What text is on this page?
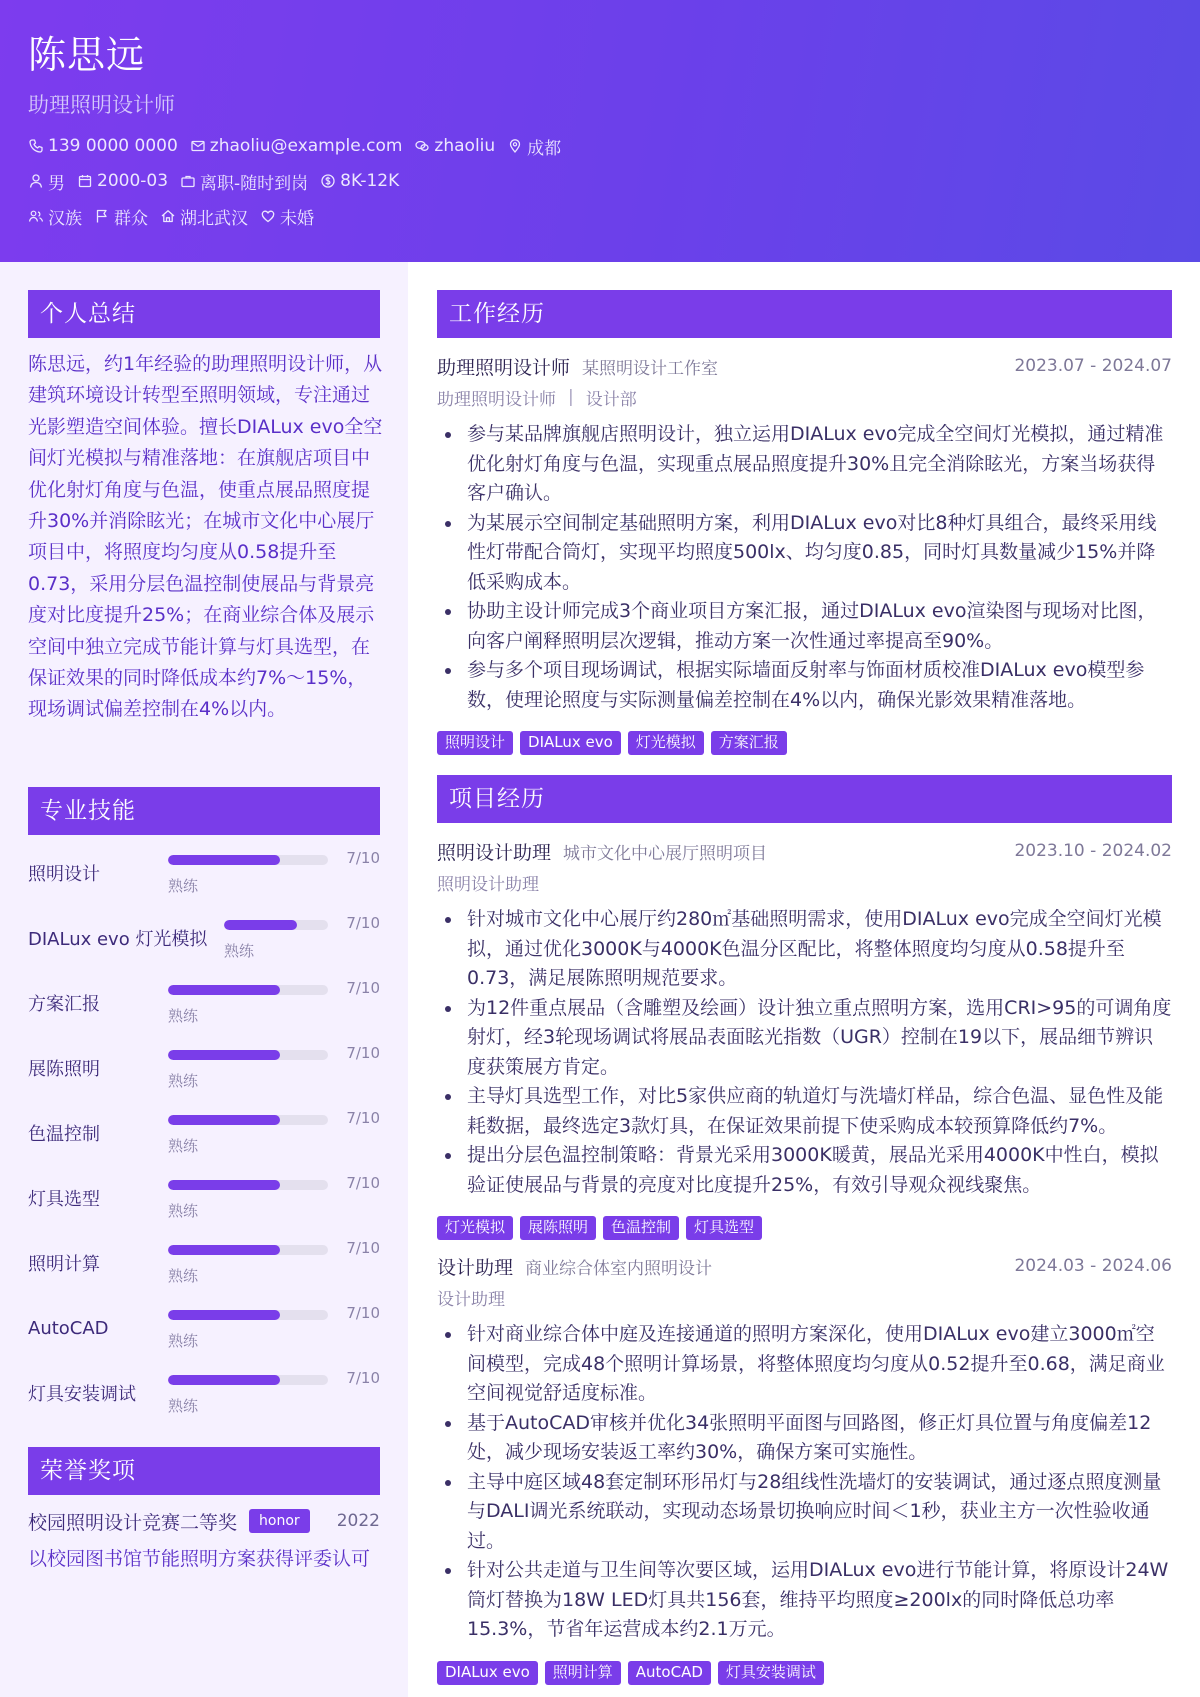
陈思远
助理照明设计师
139 0000 0000 zhaoliu@example.com zhaoliu 成都
男 2000-03 离职-随时到岗 8K-12K
汉族 群众 湖北武汉 未婚
个人总结

陈思远，约1年经验的助理照明设计师，从建筑环境设计转型至照明领域，专注通过光影塑造空间体验。擅长DIALux evo全空间灯光模拟与精准落地：在旗舰店项目中优化射灯角度与色温，使重点展品照度提升30%并消除眩光；在城市文化中心展厅项目中，将照度均匀度从0.58提升至0.73，采用分层色温控制使展品与背景亮度对比度提升25%；在商业综合体及展示空间中独立完成节能计算与灯具选型，在保证效果的同时降低成本约7%～15%，现场调试偏差控制在4%以内。

专业技能
照明设计
熟练
7/10
DIALux evo 灯光模拟
熟练
7/10
方案汇报
熟练
7/10
展陈照明
熟练
7/10
色温控制
熟练
7/10
灯具选型
熟练
7/10
照明计算
熟练
7/10
AutoCAD
熟练
7/10
灯具安装调试
熟练
7/10
荣誉奖项
校园照明设计竞赛二等奖	honor	2022
以校园图书馆节能照明方案获得评委认可
工作经历
助理照明设计师 某照明设计工作室	2023.07 - 2024.07
助理照明设计师 | 设计部
参与某品牌旗舰店照明设计，独立运用DIALux evo完成全空间灯光模拟，通过精准优化射灯角度与色温，实现重点展品照度提升30%且完全消除眩光，方案当场获得客户确认。
为某展示空间制定基础照明方案，利用DIALux evo对比8种灯具组合，最终采用线性灯带配合筒灯，实现平均照度500lx、均匀度0.85，同时灯具数量减少15%并降低采购成本。
协助主设计师完成3个商业项目方案汇报，通过DIALux evo渲染图与现场对比图，向客户阐释照明层次逻辑，推动方案一次性通过率提高至90%。
参与多个项目现场调试，根据实际墙面反射率与饰面材质校准DIALux evo模型参数，使理论照度与实际测量偏差控制在4%以内，确保光影效果精准落地。
照明设计	DIALux evo	灯光模拟	方案汇报
项目经历
照明设计助理 城市文化中心展厅照明项目	2023.10 - 2024.02
照明设计助理
针对城市文化中心展厅约280㎡基础照明需求，使用DIALux evo完成全空间灯光模拟，通过优化3000K与4000K色温分区配比，将整体照度均匀度从0.58提升至0.73，满足展陈照明规范要求。
为12件重点展品（含雕塑及绘画）设计独立重点照明方案，选用CRI>95的可调角度射灯，经3轮现场调试将展品表面眩光指数（UGR）控制在19以下，展品细节辨识度获策展方肯定。
主导灯具选型工作，对比5家供应商的轨道灯与洗墙灯样品，综合色温、显色性及能耗数据，最终选定3款灯具，在保证效果前提下使采购成本较预算降低约7%。
提出分层色温控制策略：背景光采用3000K暖黄，展品光采用4000K中性白，模拟验证使展品与背景的亮度对比度提升25%，有效引导观众视线聚焦。
灯光模拟	展陈照明	色温控制	灯具选型
设计助理 商业综合体室内照明设计	2024.03 - 2024.06
设计助理
针对商业综合体中庭及连接通道的照明方案深化，使用DIALux evo建立3000㎡空间模型，完成48个照明计算场景，将整体照度均匀度从0.52提升至0.68，满足商业空间视觉舒适度标准。
基于AutoCAD审核并优化34张照明平面图与回路图，修正灯具位置与角度偏差12处，减少现场安装返工率约30%，确保方案可实施性。
主导中庭区域48套定制环形吊灯与28组线性洗墙灯的安装调试，通过逐点照度测量与DALI调光系统联动，实现动态场景切换响应时间＜1秒，获业主方一次性验收通过。
针对公共走道与卫生间等次要区域，运用DIALux evo进行节能计算，将原设计24W筒灯替换为18W LED灯具共156套，维持平均照度≥200lx的同时降低总功率15.3%，节省年运营成本约2.1万元。
DIALux evo	照明计算	AutoCAD	灯具安装调试
